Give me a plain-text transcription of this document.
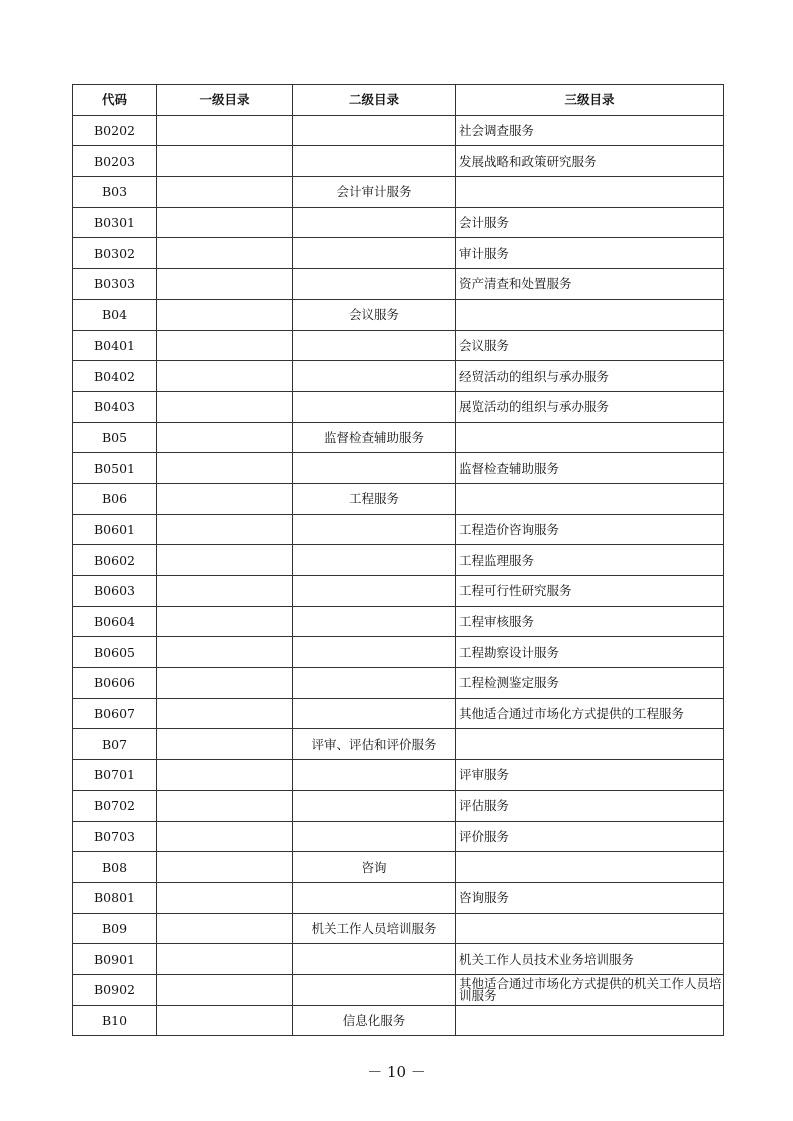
代码	一级目录	二级目录	三级目录
B0202			社会调查服务
B0203			发展战略和政策研究服务
B03		会计审计服务	
B0301			会计服务
B0302			审计服务
B0303			资产清查和处置服务
B04		会议服务	
B0401			会议服务
B0402			经贸活动的组织与承办服务
B0403			展览活动的组织与承办服务
B05		监督检查辅助服务	
B0501			监督检查辅助服务
B06		工程服务	
B0601			工程造价咨询服务
B0602			工程监理服务
B0603			工程可行性研究服务
B0604			工程审核服务
B0605			工程勘察设计服务
B0606			工程检测鉴定服务
B0607			其他适合通过市场化方式提供的工程服务
B07		评审、评估和评价服务	
B0701			评审服务
B0702			评估服务
B0703			评价服务
B08		咨询	
B0801			咨询服务
B09		机关工作人员培训服务	
B0901			机关工作人员技术业务培训服务
B0902			其他适合通过市场化方式提供的机关工作人员培训服务
B10		信息化服务	
－ 10 －
